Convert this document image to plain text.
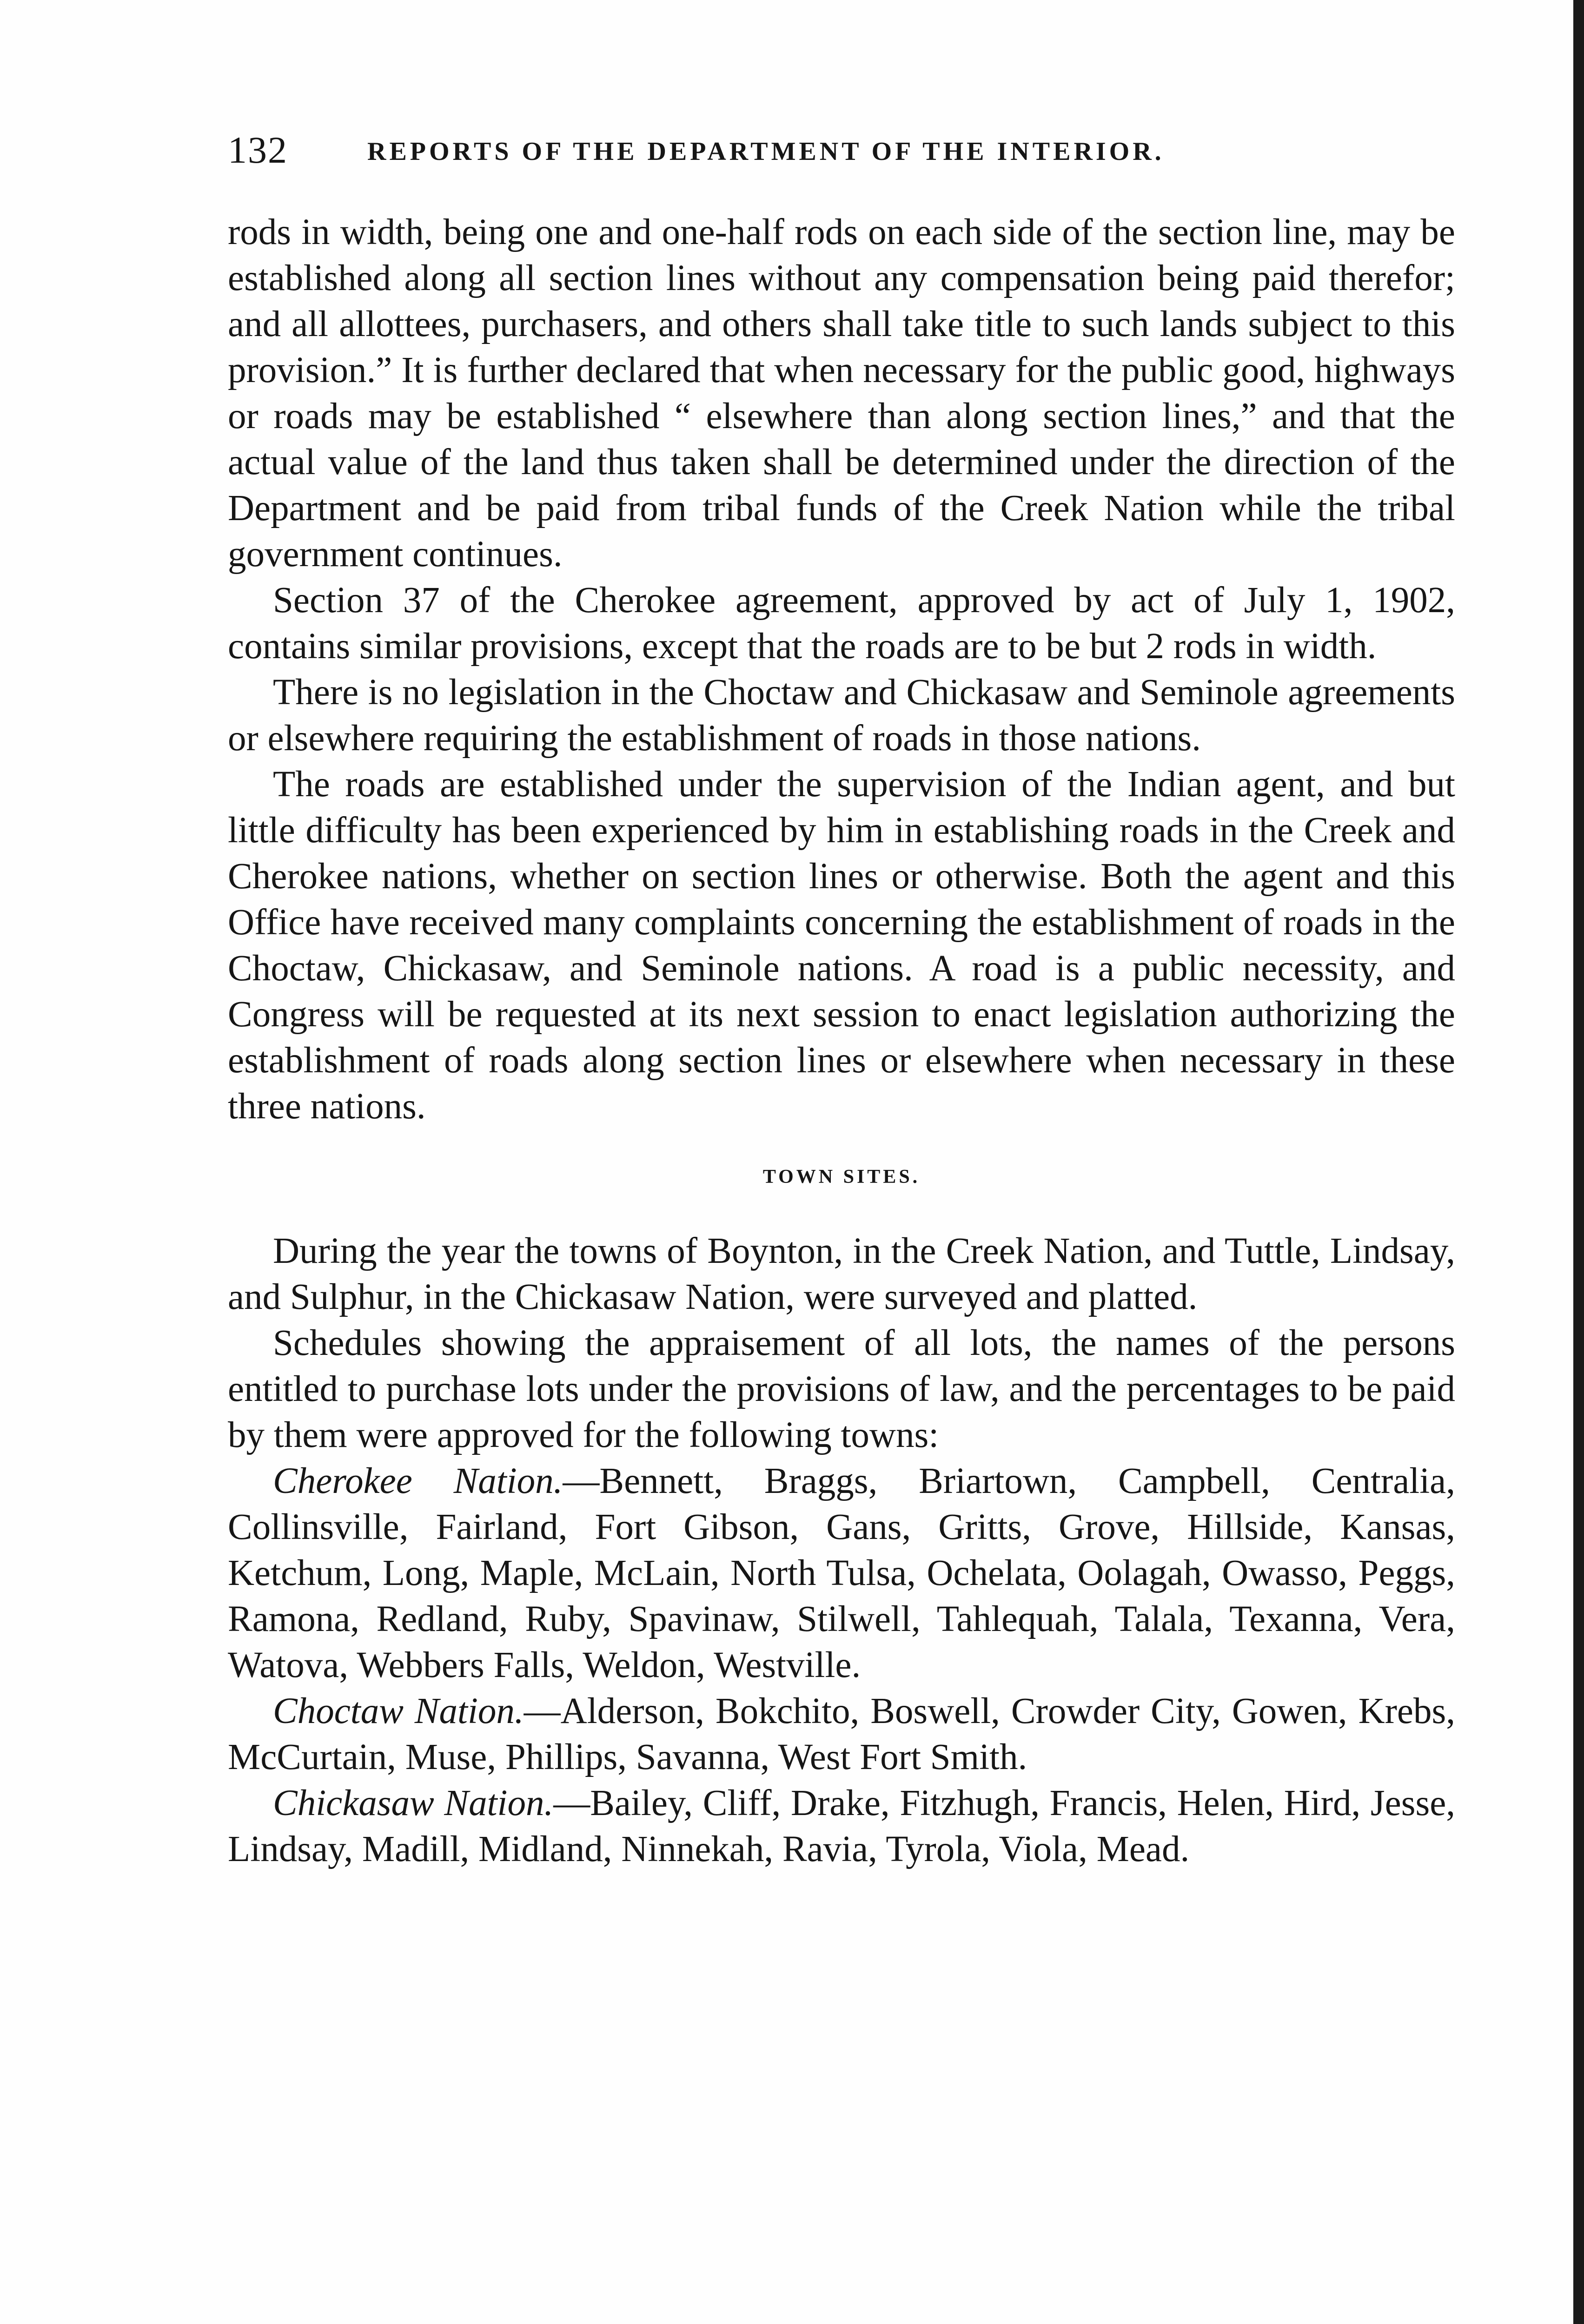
132	REPORTS OF THE DEPARTMENT OF THE INTERIOR.

rods in width, being one and one-half rods on each side of the section line, may be established along all section lines without any compensation being paid therefor; and all allottees, purchasers, and others shall take title to such lands subject to this provision.” It is further declared that when necessary for the public good, highways or roads may be established “ elsewhere than along section lines,” and that the actual value of the land thus taken shall be determined under the direction of the Department and be paid from tribal funds of the Creek Nation while the tribal government continues.

Section 37 of the Cherokee agreement, approved by act of July 1, 1902, contains similar provisions, except that the roads are to be but 2 rods in width.

There is no legislation in the Choctaw and Chickasaw and Seminole agreements or elsewhere requiring the establishment of roads in those nations.

The roads are established under the supervision of the Indian agent, and but little difficulty has been experienced by him in establishing roads in the Creek and Cherokee nations, whether on section lines or otherwise. Both the agent and this Office have received many complaints concerning the establishment of roads in the Choctaw, Chickasaw, and Seminole nations. A road is a public necessity, and Congress will be requested at its next session to enact legislation authorizing the establishment of roads along section lines or elsewhere when necessary in these three nations.

TOWN SITES.

During the year the towns of Boynton, in the Creek Nation, and Tuttle, Lindsay, and Sulphur, in the Chickasaw Nation, were surveyed and platted.

Schedules showing the appraisement of all lots, the names of the persons entitled to purchase lots under the provisions of law, and the percentages to be paid by them were approved for the following towns:

Cherokee Nation.—Bennett, Braggs, Briartown, Campbell, Centralia, Collinsville, Fairland, Fort Gibson, Gans, Gritts, Grove, Hillside, Kansas, Ketchum, Long, Maple, McLain, North Tulsa, Ochelata, Oolagah, Owasso, Peggs, Ramona, Redland, Ruby, Spavinaw, Stilwell, Tahlequah, Talala, Texanna, Vera, Watova, Webbers Falls, Weldon, Westville.

Choctaw Nation.—Alderson, Bokchito, Boswell, Crowder City, Gowen, Krebs, McCurtain, Muse, Phillips, Savanna, West Fort Smith.

Chickasaw Nation.—Bailey, Cliff, Drake, Fitzhugh, Francis, Helen, Hird, Jesse, Lindsay, Madill, Midland, Ninnekah, Ravia, Tyrola, Viola, Mead.
